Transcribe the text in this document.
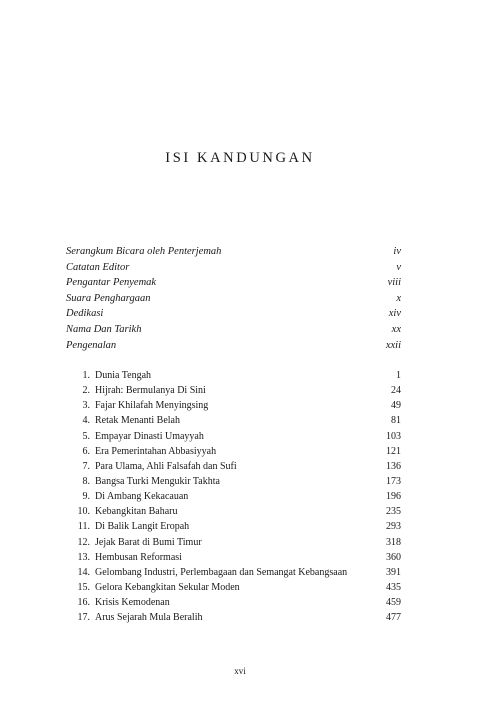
ISI KANDUNGAN
Serangkum Bicara oleh Penterjemah	iv
Catatan Editor	v
Pengantar Penyemak	viii
Suara Penghargaan	x
Dedikasi	xiv
Nama Dan Tarikh	xx
Pengenalan	xxii
1. Dunia Tengah	1
2. Hijrah: Bermulanya Di Sini	24
3. Fajar Khilafah Menyingsing	49
4. Retak Menanti Belah	81
5. Empayar Dinasti Umayyah	103
6. Era Pemerintahan Abbasiyyah	121
7. Para Ulama, Ahli Falsafah dan Sufi	136
8. Bangsa Turki Mengukir Takhta	173
9. Di Ambang Kekacauan	196
10. Kebangkitan Baharu	235
11. Di Balik Langit Eropah	293
12. Jejak Barat di Bumi Timur	318
13. Hembusan Reformasi	360
14. Gelombang Industri, Perlembagaan dan Semangat Kebangsaan	391
15. Gelora Kebangkitan Sekular Moden	435
16. Krisis Kemodenan	459
17. Arus Sejarah Mula Beralih	477
xvi
